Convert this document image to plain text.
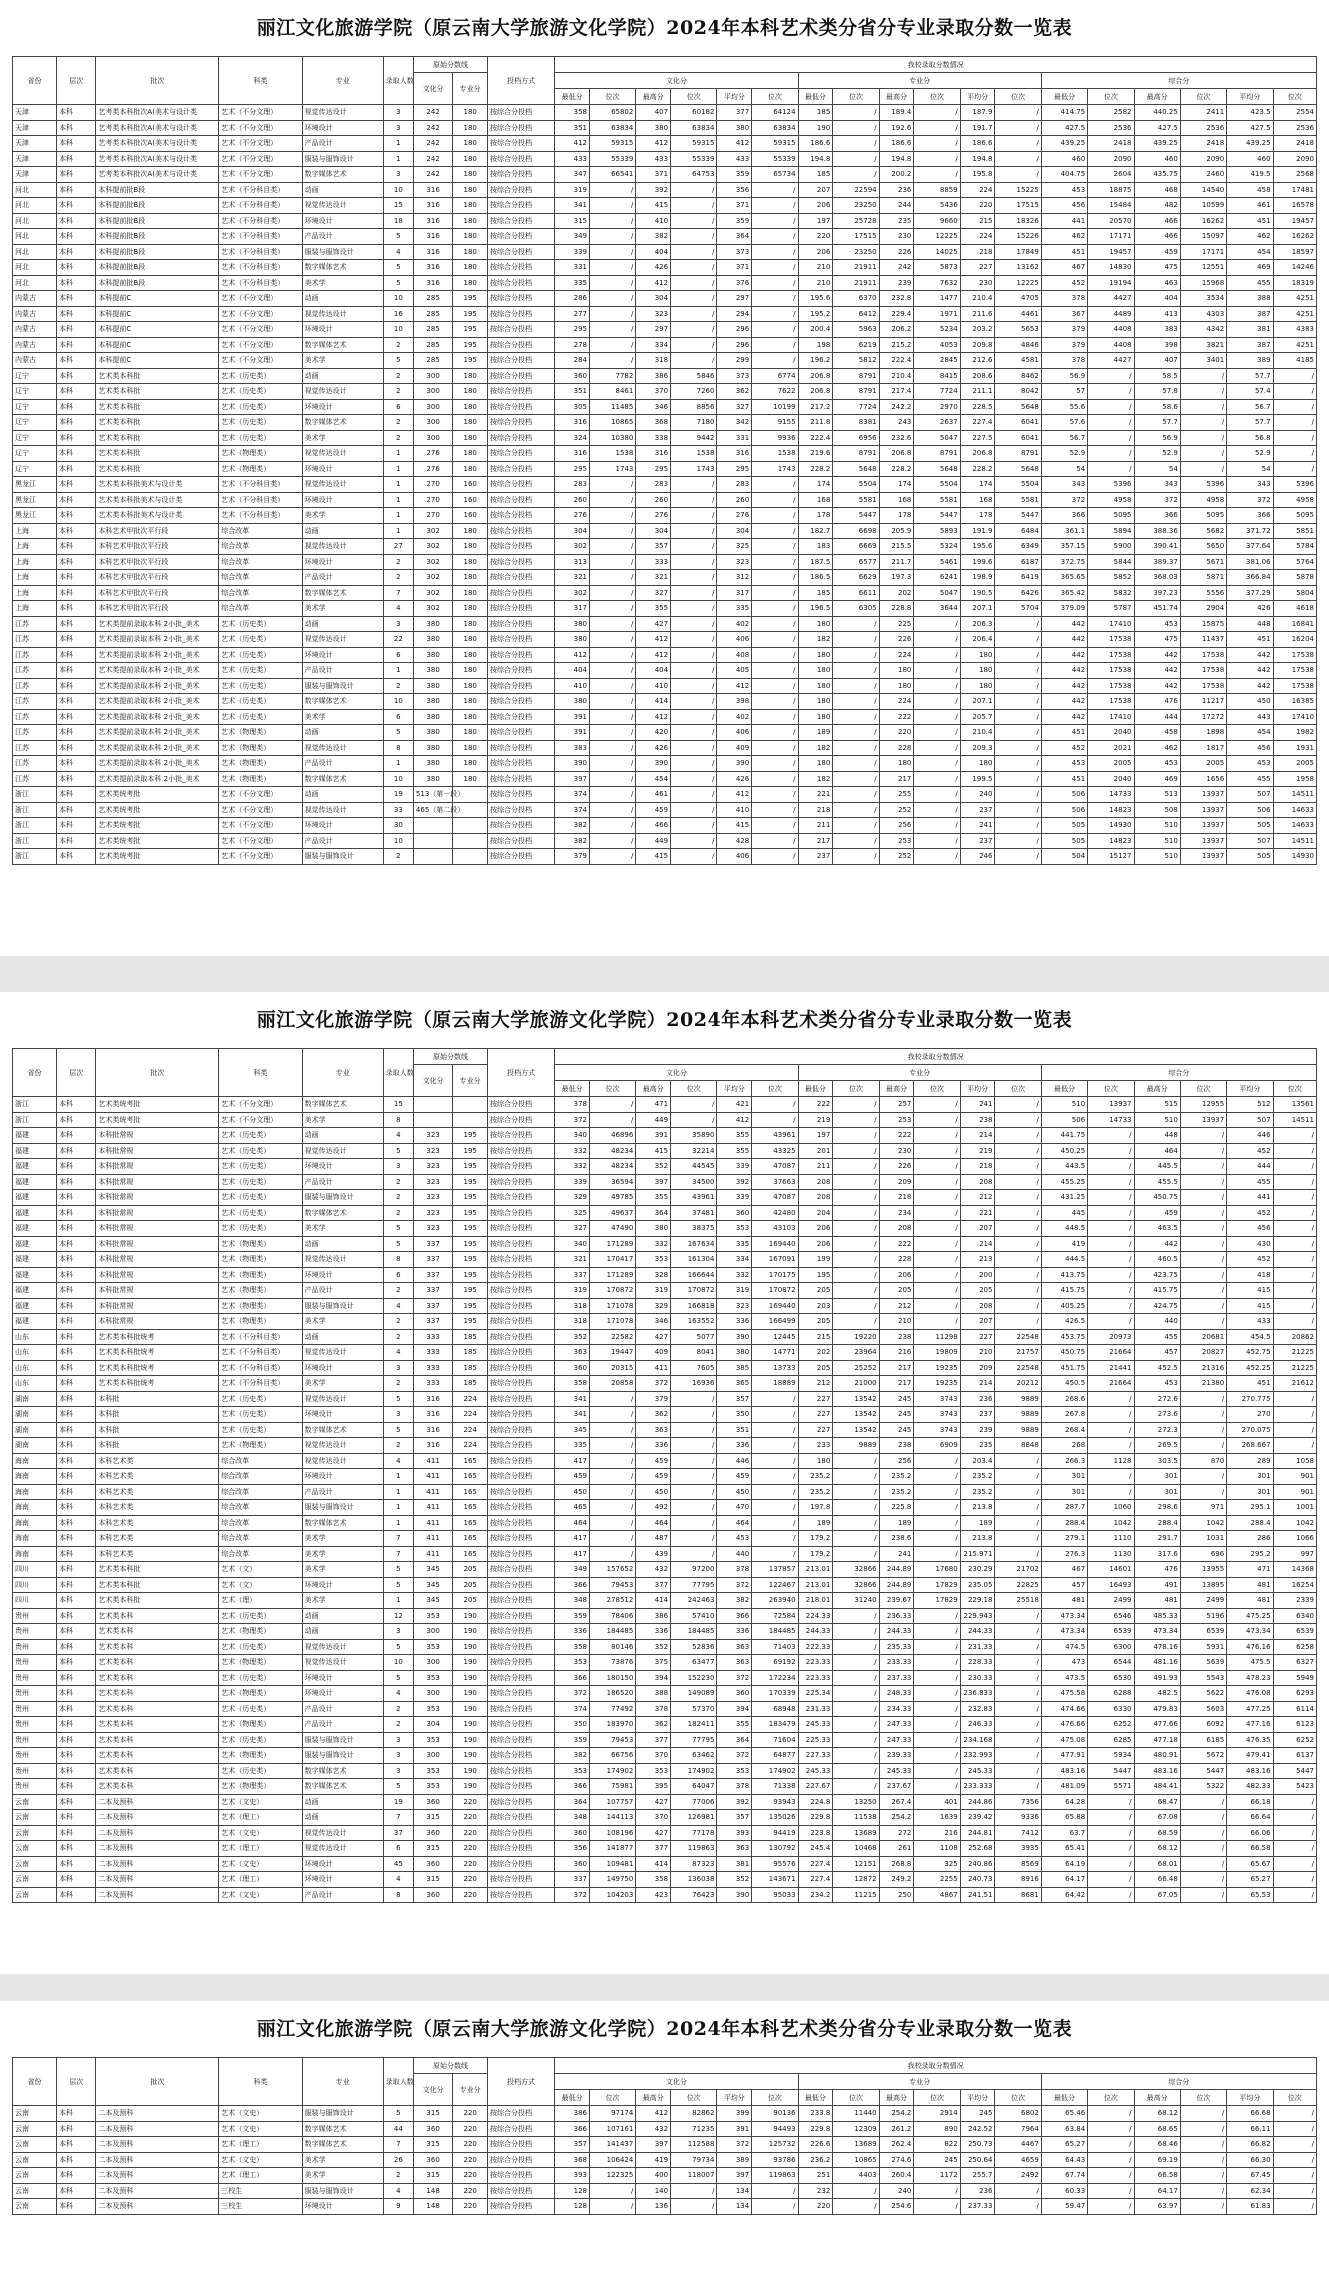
丽江文化旅游学院（原云南大学旅游文化学院）2024年本科艺术类分省分专业录取分数一览表
省份	层次	批次	科类	专业	录取人数	原始分数线		投档方式	我校录取分数情况																	
						文化分	专业分		文化分						专业分						综合分					
									最低分	位次	最高分	位次	平均分	位次	最低分	位次	最高分	位次	平均分	位次	最低分	位次	最高分	位次	平均分	位次
天津	本科	艺考类本科批次A(美术与设计类	艺术（不分文理）	视觉传达设计	3	242	180	按综合分投档	358	65802	407	60182	377	64124	185	/	189.4	/	187.9	/	414.75	2582	440.25	2411	423.5	2554
天津	本科	艺考类本科批次A(美术与设计类	艺术（不分文理）	环境设计	3	242	180	按综合分投档	351	63834	380	63834	380	63834	190	/	192.6	/	191.7	/	427.5	2536	427.5	2536	427.5	2536
天津	本科	艺考类本科批次A(美术与设计类	艺术（不分文理）	产品设计	1	242	180	按综合分投档	412	59315	412	59315	412	59315	186.6	/	186.6	/	186.6	/	439.25	2418	439.25	2418	439.25	2418
天津	本科	艺考类本科批次A(美术与设计类	艺术（不分文理）	服装与服饰设计	1	242	180	按综合分投档	433	55339	433	55339	433	55339	194.8	/	194.8	/	194.8	/	460	2090	460	2090	460	2090
天津	本科	艺考类本科批次A(美术与设计类	艺术（不分文理）	数字媒体艺术	3	242	180	按综合分投档	347	66541	371	64753	359	65734	185	/	200.2	/	195.8	/	404.75	2604	435.75	2460	419.5	2568
河北	本科	本科提前批B段	艺术（不分科目类）	动画	10	316	180	按综合分投档	319	/	392	/	356	/	207	22594	236	8859	224	15225	453	18875	468	14540	458	17481
河北	本科	本科提前批B段	艺术（不分科目类）	视觉传达设计	15	316	180	按综合分投档	341	/	415	/	371	/	206	23250	244	5436	220	17515	456	15484	482	10599	461	16578
河北	本科	本科提前批B段	艺术（不分科目类）	环境设计	18	316	180	按综合分投档	315	/	410	/	359	/	197	25728	235	9660	215	18326	441	20570	466	16262	451	19457
河北	本科	本科提前批B段	艺术（不分科目类）	产品设计	5	316	180	按综合分投档	349	/	382	/	364	/	220	17515	230	12225	224	15226	462	17171	466	15097	462	16262
河北	本科	本科提前批B段	艺术（不分科目类）	服装与服饰设计	4	316	180	按综合分投档	339	/	404	/	373	/	206	23250	226	14025	218	17849	451	19457	459	17171	454	18597
河北	本科	本科提前批B段	艺术（不分科目类）	数字媒体艺术	5	316	180	按综合分投档	331	/	426	/	371	/	210	21911	242	5873	227	13162	467	14830	475	12551	469	14246
河北	本科	本科提前批B段	艺术（不分科目类）	美术学	5	316	180	按综合分投档	335	/	412	/	376	/	210	21911	239	7632	230	12225	452	19194	463	15968	455	18319
内蒙古	本科	本科提前C	艺术（不分文理）	动画	10	285	195	按综合分投档	286	/	304	/	297	/	195.6	6370	232.8	1477	210.4	4705	378	4427	404	3534	388	4251
内蒙古	本科	本科提前C	艺术（不分文理）	视觉传达设计	16	285	195	按综合分投档	277	/	323	/	294	/	195.2	6412	229.4	1971	211.6	4461	367	4489	413	4303	387	4251
内蒙古	本科	本科提前C	艺术（不分文理）	环境设计	10	285	195	按综合分投档	295	/	297	/	296	/	200.4	5963	206.2	5234	203.2	5653	379	4408	383	4342	381	4383
内蒙古	本科	本科提前C	艺术（不分文理）	数字媒体艺术	2	285	195	按综合分投档	278	/	334	/	296	/	198	6219	215.2	4053	209.8	4846	379	4408	398	3821	387	4251
内蒙古	本科	本科提前C	艺术（不分文理）	美术学	5	285	195	按综合分投档	284	/	318	/	299	/	196.2	5812	222.4	2845	212.6	4581	378	4427	407	3401	389	4185
辽宁	本科	艺术类本科批	艺术（历史类）	动画	2	300	180	按综合分投档	360	7782	386	5846	373	6774	206.8	8791	210.4	8415	208.6	8462	56.9	/	58.5	/	57.7	/
辽宁	本科	艺术类本科批	艺术（历史类）	视觉传达设计	2	300	180	按综合分投档	351	8461	370	7260	362	7622	206.8	8791	217.4	7724	211.1	8042	57	/	57.8	/	57.4	/
辽宁	本科	艺术类本科批	艺术（历史类）	环境设计	6	300	180	按综合分投档	305	11485	346	8856	327	10199	217.2	7724	242.2	2970	228.5	5648	55.6	/	58.6	/	56.7	/
辽宁	本科	艺术类本科批	艺术（历史类）	数字媒体艺术	2	300	180	按综合分投档	316	10865	368	7180	342	9155	211.8	8381	243	2637	227.4	6041	57.6	/	57.7	/	57.7	/
辽宁	本科	艺术类本科批	艺术（历史类）	美术学	2	300	180	按综合分投档	324	10380	338	9442	331	9936	222.4	6956	232.6	5047	227.5	6041	56.7	/	56.9	/	56.8	/
辽宁	本科	艺术类本科批	艺术（物理类）	视觉传达设计	1	276	180	按综合分投档	316	1538	316	1538	316	1538	219.6	8791	206.8	8791	206.8	8791	52.9	/	52.9	/	52.9	/
辽宁	本科	艺术类本科批	艺术（物理类）	环境设计	1	276	180	按综合分投档	295	1743	295	1743	295	1743	228.2	5648	228.2	5648	228.2	5648	54	/	54	/	54	/
黑龙江	本科	艺术类本科批美术与设计类	艺术（不分科目类）	视觉传达设计	1	270	160	按综合分投档	283	/	283	/	283	/	174	5504	174	5504	174	5504	343	5396	343	5396	343	5396
黑龙江	本科	艺术类本科批美术与设计类	艺术（不分科目类）	环境设计	1	270	160	按综合分投档	260	/	260	/	260	/	168	5581	168	5581	168	5581	372	4958	372	4958	372	4958
黑龙江	本科	艺术类本科批美术与设计类	艺术（不分科目类）	美术学	1	270	160	按综合分投档	276	/	276	/	276	/	178	5447	178	5447	178	5447	366	5095	366	5095	366	5095
上海	本科	本科艺术甲批次平行段	综合改革	动画	1	302	180	按综合分投档	304	/	304	/	304	/	182.7	6698	205.9	5893	191.9	6484	361.1	5894	388.36	5682	371.72	5851
上海	本科	本科艺术甲批次平行段	综合改革	视觉传达设计	27	302	180	按综合分投档	302	/	357	/	325	/	183	6669	215.5	5324	195.6	6349	357.15	5900	390.41	5650	377.64	5784
上海	本科	本科艺术甲批次平行段	综合改革	环境设计	2	302	180	按综合分投档	313	/	333	/	323	/	187.5	6577	211.7	5461	199.6	6187	372.75	5844	389.37	5671	381.06	5764
上海	本科	本科艺术甲批次平行段	综合改革	产品设计	2	302	180	按综合分投档	321	/	321	/	312	/	186.5	6629	197.3	6241	198.9	6419	365.65	5852	368.03	5871	366.84	5878
上海	本科	本科艺术甲批次平行段	综合改革	数字媒体艺术	7	302	180	按综合分投档	302	/	327	/	317	/	185	6611	202	5047	190.5	6426	365.42	5832	397.23	5556	377.29	5804
上海	本科	本科艺术甲批次平行段	综合改革	美术学	4	302	180	按综合分投档	317	/	355	/	335	/	196.5	6305	228.8	3644	207.1	5704	379.09	5787	451.74	2904	426	4618
江苏	本科	艺术类提前录取本科 2小批_美术	艺术（历史类）	动画	3	380	180	按综合分投档	380	/	427	/	402	/	180	/	225	/	206.3	/	442	17410	453	15875	448	16841
江苏	本科	艺术类提前录取本科 2小批_美术	艺术（历史类）	视觉传达设计	22	380	180	按综合分投档	380	/	412	/	406	/	182	/	226	/	206.4	/	442	17538	475	11437	451	16204
江苏	本科	艺术类提前录取本科 2小批_美术	艺术（历史类）	环境设计	6	380	180	按综合分投档	412	/	412	/	408	/	180	/	224	/	180	/	442	17538	442	17538	442	17538
江苏	本科	艺术类提前录取本科 2小批_美术	艺术（历史类）	产品设计	1	380	180	按综合分投档	404	/	404	/	405	/	180	/	180	/	180	/	442	17538	442	17538	442	17538
江苏	本科	艺术类提前录取本科 2小批_美术	艺术（历史类）	服装与服饰设计	2	380	180	按综合分投档	410	/	410	/	412	/	180	/	180	/	180	/	442	17538	442	17538	442	17538
江苏	本科	艺术类提前录取本科 2小批_美术	艺术（历史类）	数字媒体艺术	10	380	180	按综合分投档	380	/	414	/	398	/	180	/	224	/	207.1	/	442	17538	476	11217	450	16385
江苏	本科	艺术类提前录取本科 2小批_美术	艺术（历史类）	美术学	6	380	180	按综合分投档	391	/	412	/	402	/	180	/	222	/	205.7	/	442	17410	444	17272	443	17410
江苏	本科	艺术类提前录取本科 2小批_美术	艺术（物理类）	动画	5	380	180	按综合分投档	391	/	420	/	406	/	189	/	220	/	210.4	/	451	2040	458	1898	454	1982
江苏	本科	艺术类提前录取本科 2小批_美术	艺术（物理类）	视觉传达设计	8	380	180	按综合分投档	383	/	426	/	409	/	182	/	228	/	209.3	/	452	2021	462	1817	456	1931
江苏	本科	艺术类提前录取本科 2小批_美术	艺术（物理类）	产品设计	1	380	180	按综合分投档	390	/	390	/	390	/	180	/	180	/	180	/	453	2005	453	2005	453	2005
江苏	本科	艺术类提前录取本科 2小批_美术	艺术（物理类）	数字媒体艺术	10	380	180	按综合分投档	397	/	454	/	426	/	182	/	217	/	199.5	/	451	2040	469	1656	455	1958
浙江	本科	艺术类统考批	艺术（不分文理）	动画	19	513（第一段）		按综合分投档	374	/	461	/	412	/	221	/	255	/	240	/	506	14733	513	13937	507	14511
浙江	本科	艺术类统考批	艺术（不分文理）	视觉传达设计	33	465（第二段）		按综合分投档	374	/	459	/	410	/	218	/	252	/	237	/	506	14823	508	13937	506	14633
浙江	本科	艺术类统考批	艺术（不分文理）	环境设计	30			按综合分投档	382	/	466	/	415	/	211	/	256	/	241	/	505	14930	510	13937	505	14633
浙江	本科	艺术类统考批	艺术（不分文理）	产品设计	10			按综合分投档	382	/	449	/	428	/	217	/	253	/	237	/	505	14823	510	13937	507	14511
浙江	本科	艺术类统考批	艺术（不分文理）	服装与服饰设计	2			按综合分投档	379	/	415	/	406	/	237	/	252	/	246	/	504	15127	510	13937	505	14930
丽江文化旅游学院（原云南大学旅游文化学院）2024年本科艺术类分省分专业录取分数一览表
省份	层次	批次	科类	专业	录取人数	原始分数线		投档方式	我校录取分数情况																	
						文化分	专业分		文化分						专业分						综合分					
									最低分	位次	最高分	位次	平均分	位次	最低分	位次	最高分	位次	平均分	位次	最低分	位次	最高分	位次	平均分	位次
浙江	本科	艺术类统考批	艺术（不分文理）	数字媒体艺术	15			按综合分投档	378	/	471	/	421	/	222	/	257	/	241	/	510	13937	515	12955	512	13561
浙江	本科	艺术类统考批	艺术（不分文理）	美术学	8			按综合分投档	372	/	449	/	412	/	219	/	253	/	238	/	506	14733	510	13937	507	14511
福建	本科	本科批常规	艺术（历史类）	动画	4	323	195	按综合分投档	340	46896	391	35890	355	43961	197	/	222	/	214	/	441.75	/	448	/	446	/
福建	本科	本科批常规	艺术（历史类）	视觉传达设计	5	323	195	按综合分投档	332	48234	415	32214	355	43325	201	/	230	/	219	/	450.25	/	464	/	452	/
福建	本科	本科批常规	艺术（历史类）	环境设计	3	323	195	按综合分投档	332	48234	352	44545	339	47087	211	/	226	/	218	/	443.5	/	445.5	/	444	/
福建	本科	本科批常规	艺术（历史类）	产品设计	2	323	195	按综合分投档	339	36594	397	34500	392	37663	208	/	209	/	208	/	455.25	/	455.5	/	455	/
福建	本科	本科批常规	艺术（历史类）	服装与服饰设计	2	323	195	按综合分投档	329	49785	355	43961	339	47087	208	/	218	/	212	/	431.25	/	450.75	/	441	/
福建	本科	本科批常规	艺术（历史类）	数字媒体艺术	2	323	195	按综合分投档	325	49637	364	37481	360	42480	204	/	234	/	221	/	445	/	459	/	452	/
福建	本科	本科批常规	艺术（历史类）	美术学	5	323	195	按综合分投档	327	47490	380	38375	353	43103	206	/	208	/	207	/	448.5	/	463.5	/	456	/
福建	本科	本科批常规	艺术（物理类）	动画	5	337	195	按综合分投档	340	171289	332	167634	335	169440	206	/	222	/	214	/	419	/	442	/	430	/
福建	本科	本科批常规	艺术（物理类）	视觉传达设计	8	337	195	按综合分投档	321	170417	353	161304	334	167091	199	/	228	/	213	/	444.5	/	460.5	/	452	/
福建	本科	本科批常规	艺术（物理类）	环境设计	6	337	195	按综合分投档	337	171289	328	166644	332	170175	195	/	206	/	200	/	413.75	/	423.75	/	418	/
福建	本科	本科批常规	艺术（物理类）	产品设计	2	337	195	按综合分投档	319	170872	319	170872	319	170872	205	/	205	/	205	/	415.75	/	415.75	/	415	/
福建	本科	本科批常规	艺术（物理类）	服装与服饰设计	4	337	195	按综合分投档	318	171078	329	166818	323	169440	203	/	212	/	208	/	405.25	/	424.75	/	415	/
福建	本科	本科批常规	艺术（物理类）	美术学	2	337	195	按综合分投档	318	171078	346	163552	336	166499	205	/	210	/	207	/	426.5	/	440	/	433	/
山东	本科	艺术类本科批统考	艺术（不分科目类）	动画	2	333	185	按综合分投档	352	22582	427	5077	390	12445	215	19220	238	11298	227	22548	453.75	20973	455	20681	454.5	20862
山东	本科	艺术类本科批统考	艺术（不分科目类）	视觉传达设计	4	333	185	按综合分投档	363	19447	409	8041	380	14771	202	23964	216	19809	210	21757	450.75	21664	457	20827	452.75	21225
山东	本科	艺术类本科批统考	艺术（不分科目类）	环境设计	3	333	185	按综合分投档	360	20315	411	7605	385	13733	205	25252	217	19235	209	22548	451.75	21441	452.5	21316	452.25	21225
山东	本科	艺术类本科批统考	艺术（不分科目类）	美术学	2	333	185	按综合分投档	358	20858	372	16936	365	18889	212	21000	217	19235	214	20212	450.5	21664	453	21380	451	21612
湖南	本科	本科批	艺术（历史类）	视觉传达设计	5	316	224	按综合分投档	341	/	379	/	357	/	227	13542	245	3743	236	9889	268.6	/	272.6	/	270.775	/
湖南	本科	本科批	艺术（历史类）	环境设计	3	316	224	按综合分投档	341	/	362	/	350	/	227	13542	245	3743	237	9889	267.8	/	273.6	/	270	/
湖南	本科	本科批	艺术（历史类）	数字媒体艺术	5	316	224	按综合分投档	345	/	363	/	351	/	227	13542	245	3743	239	9889	268.4	/	272.3	/	270.075	/
湖南	本科	本科批	艺术（物理类）	视觉传达设计	2	316	224	按综合分投档	335	/	336	/	336	/	233	9889	238	6909	235	8848	268	/	269.5	/	268.667	/
海南	本科	本科艺术类	综合改革	视觉传达设计	4	411	165	按综合分投档	417	/	459	/	446	/	180	/	256	/	203.4	/	266.3	1128	303.5	870	289	1058
海南	本科	本科艺术类	综合改革	环境设计	1	411	165	按综合分投档	459	/	459	/	459	/	235.2	/	235.2	/	235.2	/	301	/	301	/	301	901
海南	本科	本科艺术类	综合改革	产品设计	1	411	165	按综合分投档	450	/	450	/	450	/	235.2	/	235.2	/	235.2	/	301	/	301	/	301	901
海南	本科	本科艺术类	综合改革	服装与服饰设计	1	411	165	按综合分投档	465	/	492	/	470	/	197.8	/	225.8	/	213.8	/	287.7	1060	298.6	971	295.1	1001
海南	本科	本科艺术类	综合改革	数字媒体艺术	1	411	165	按综合分投档	464	/	464	/	464	/	189	/	189	/	189	/	288.4	1042	288.4	1042	288.4	1042
海南	本科	本科艺术类	综合改革	美术学	7	411	165	按综合分投档	417	/	487	/	453	/	179.2	/	238.6	/	213.8	/	279.1	1110	291.7	1031	286	1066
海南	本科	本科艺术类	综合改革	美术学	7	411	165	按综合分投档	417	/	439	/	440	/	179.2	/	241	/	215.971	/	276.3	1130	317.6	696	295.2	997
四川	本科	艺术类本科批	艺术（文）	美术学	5	345	205	按综合分投档	349	157652	432	97200	378	137857	213.01	32866	244.89	17680	230.29	21702	467	14601	476	13955	471	14368
四川	本科	艺术类本科批	艺术（文）	环境设计	5	345	205	按综合分投档	366	79453	377	77795	372	122467	213.01	32866	244.89	17829	235.05	22825	457	16493	491	13895	481	16254
四川	本科	艺术类本科批	艺术（理）	美术学	1	345	205	按综合分投档	348	278512	414	242463	382	263940	218.01	31240	239.67	17829	229.18	25518	481	2499	481	2499	481	2339
贵州	本科	艺术类本科	艺术（历史类）	动画	12	353	190	按综合分投档	359	78406	386	57410	366	72584	224.33	/	236.33	/	229.943	/	473.34	6546	485.33	5196	475.25	6340
贵州	本科	艺术类本科	艺术（物理类）	动画	3	300	190	按综合分投档	336	184485	336	184485	336	184485	244.33	/	244.33	/	244.33	/	473.34	6539	473.34	6539	473.34	6539
贵州	本科	艺术类本科	艺术（历史类）	视觉传达设计	5	353	190	按综合分投档	358	80146	352	52836	363	71403	222.33	/	235.33	/	231.33	/	474.5	6300	478.16	5931	476.16	6258
贵州	本科	艺术类本科	艺术（物理类）	视觉传达设计	10	300	190	按综合分投档	353	73876	375	63477	363	69192	223.33	/	233.33	/	228.33	/	473	6544	481.16	5639	475.5	6327
贵州	本科	艺术类本科	艺术（历史类）	环境设计	5	353	190	按综合分投档	366	180150	394	152230	372	172234	223.33	/	237.33	/	230.33	/	473.5	6530	491.93	5543	478.23	5949
贵州	本科	艺术类本科	艺术（物理类）	环境设计	4	300	190	按综合分投档	372	186520	388	149089	360	170339	225.34	/	248.33	/	236.833	/	475.58	6288	482.5	5622	476.08	6293
贵州	本科	艺术类本科	艺术（历史类）	产品设计	2	353	190	按综合分投档	374	77492	378	57370	394	68948	231.33	/	234.33	/	232.83	/	474.66	6330	479.83	5603	477.25	6114
贵州	本科	艺术类本科	艺术（物理类）	产品设计	2	304	190	按综合分投档	350	183970	362	182411	355	183479	245.33	/	247.33	/	246.33	/	476.66	6252	477.66	6092	477.16	6123
贵州	本科	艺术类本科	艺术（历史类）	服装与服饰设计	3	353	190	按综合分投档	359	79453	377	77795	364	71604	225.33	/	247.33	/	234.168	/	475.08	6285	477.18	6185	476.35	6252
贵州	本科	艺术类本科	艺术（物理类）	服装与服饰设计	3	300	190	按综合分投档	382	66756	370	63462	372	64877	227.33	/	239.33	/	232.993	/	477.91	5934	480.91	5672	479.41	6137
贵州	本科	艺术类本科	艺术（历史类）	数字媒体艺术	3	353	190	按综合分投档	353	174902	353	174902	353	174902	245.33	/	245.33	/	245.33	/	483.16	5447	483.16	5447	483.16	5447
贵州	本科	艺术类本科	艺术（物理类）	数字媒体艺术	5	353	190	按综合分投档	366	75981	395	64047	378	71338	227.67	/	237.67	/	233.333	/	481.09	5571	484.41	5322	482.33	5423
云南	本科	二本及预科	艺术（文史）	动画	19	360	220	按综合分投档	364	107757	427	77006	392	93943	224.8	13250	267.4	401	244.86	7356	64.28	/	68.47	/	66.18	/
云南	本科	二本及预科	艺术（理工）	动画	7	315	220	按综合分投档	348	144113	370	126981	357	135026	229.8	11538	254.2	1639	239.42	9336	65.88	/	67.08	/	66.64	/
云南	本科	二本及预科	艺术（文史）	视觉传达设计	37	360	220	按综合分投档	360	108196	427	77178	393	94419	223.8	13689	272	216	244.81	7412	63.7	/	68.59	/	66.06	/
云南	本科	二本及预科	艺术（理工）	视觉传达设计	6	315	220	按综合分投档	356	141877	377	119863	363	130792	245.4	10468	261	1108	252.68	3935	65.41	/	68.12	/	66.58	/
云南	本科	二本及预科	艺术（文史）	环境设计	45	360	220	按综合分投档	360	109481	414	87323	381	95576	227.4	12151	268.8	325	240.86	8569	64.19	/	68.01	/	65.67	/
云南	本科	二本及预科	艺术（理工）	环境设计	4	315	220	按综合分投档	337	149750	358	136038	352	143671	227.4	12872	249.2	2255	240.73	8916	64.17	/	66.48	/	65.27	/
云南	本科	二本及预科	艺术（文史）	产品设计	8	360	220	按综合分投档	372	104203	423	76423	390	95033	234.2	11215	250	4867	241.51	8681	64.42	/	67.05	/	65.53	/
丽江文化旅游学院（原云南大学旅游文化学院）2024年本科艺术类分省分专业录取分数一览表
省份	层次	批次	科类	专业	录取人数	原始分数线		投档方式	我校录取分数情况																	
						文化分	专业分		文化分						专业分						综合分					
									最低分	位次	最高分	位次	平均分	位次	最低分	位次	最高分	位次	平均分	位次	最低分	位次	最高分	位次	平均分	位次
云南	本科	二本及预科	艺术（文史）	服装与服饰设计	5	315	220	按综合分投档	386	97174	412	82862	399	90136	233.8	11440	254.2	2914	245	6802	65.46	/	68.12	/	66.68	/
云南	本科	二本及预科	艺术（文史）	数字媒体艺术	44	360	220	按综合分投档	366	107161	432	71235	391	94493	229.8	12309	261.2	890	242.52	7964	63.84	/	68.65	/	66.11	/
云南	本科	二本及预科	艺术（理工）	数字媒体艺术	7	315	220	按综合分投档	357	141437	397	112588	372	125732	226.6	13689	262.4	822	250.73	4467	65.27	/	68.46	/	66.82	/
云南	本科	二本及预科	艺术（文史）	美术学	26	360	220	按综合分投档	368	106424	419	79734	389	93786	236.2	10865	274.6	245	250.64	4659	64.43	/	69.19	/	66.30	/
云南	本科	二本及预科	艺术（理工）	美术学	2	315	220	按综合分投档	393	122325	400	118007	397	119863	251	4403	260.4	1172	255.7	2492	67.74	/	66.58	/	67.45	/
云南	本科	二本及预科	三校生	服装与服饰设计	4	148	220	按综合分投档	128	/	140	/	134	/	232	/	240	/	236	/	60.33	/	64.17	/	62.34	/
云南	本科	二本及预科	三校生	环境设计	9	148	220	按综合分投档	128	/	136	/	134	/	220	/	254.6	/	237.33	/	59.47	/	63.97	/	61.83	/
